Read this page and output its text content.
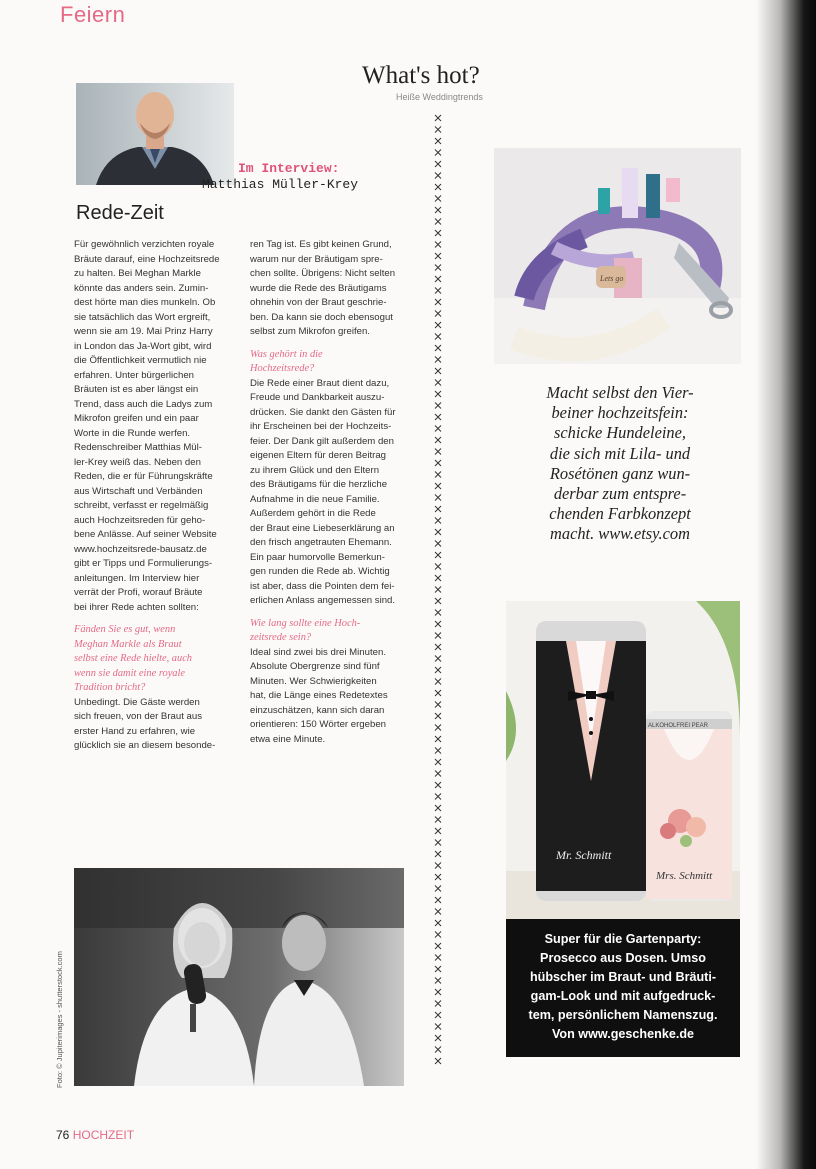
Feiern
What's hot?
Heiße Weddingtrends
Im Interview:
Matthias Müller-Krey
Rede-Zeit

Für gewöhnlich verzichten royale

Bräute darauf, eine Hochzeitsrede

zu halten. Bei Meghan Markle

könnte das anders sein. Zumin-

dest hörte man dies munkeln. Ob

sie tatsächlich das Wort ergreift,

wenn sie am 19. Mai Prinz Harry

in London das Ja-Wort gibt, wird

die Öffentlichkeit vermutlich nie

erfahren. Unter bürgerlichen

Bräuten ist es aber längst ein

Trend, dass auch die Ladys zum

Mikrofon greifen und ein paar

Worte in die Runde werfen.

Redenschreiber Matthias Mül-

ler-Krey weiß das. Neben den

Reden, die er für Führungskräfte

aus Wirtschaft und Verbänden

schreibt, verfasst er regelmäßig

auch Hochzeitsreden für geho-

bene Anlässe. Auf seiner Website

www.hochzeitsrede-bausatz.de

gibt er Tipps und Formulierungs-

anleitungen. Im Interview hier

verrät der Profi, worauf Bräute

bei ihrer Rede achten sollten:

Fänden Sie es gut, wenn
Meghan Markle als Braut
selbst eine Rede hielte, auch
wenn sie damit eine royale
Tradition bricht?

Unbedingt. Die Gäste werden

sich freuen, von der Braut aus

erster Hand zu erfahren, wie

glücklich sie an diesem besonde-

ren Tag ist. Es gibt keinen Grund,

warum nur der Bräutigam spre-

chen sollte. Übrigens: Nicht selten

wurde die Rede des Bräutigams

ohnehin von der Braut geschrie-

ben. Da kann sie doch ebensogut

selbst zum Mikrofon greifen.

Was gehört in die
Hochzeitsrede?

Die Rede einer Braut dient dazu,

Freude und Dankbarkeit auszu-

drücken. Sie dankt den Gästen für

ihr Erscheinen bei der Hochzeits-

feier. Der Dank gilt außerdem den

eigenen Eltern für deren Beitrag

zu ihrem Glück und den Eltern

des Bräutigams für die herzliche

Aufnahme in die neue Familie.

Außerdem gehört in die Rede

der Braut eine Liebeserklärung an

den frisch angetrauten Ehemann.

Ein paar humorvolle Bemerkun-

gen runden die Rede ab. Wichtig

ist aber, dass die Pointen dem fei-

erlichen Anlass angemessen sind.

Wie lang sollte eine Hoch-
zeitsrede sein?

Ideal sind zwei bis drei Minuten.

Absolute Obergrenze sind fünf

Minuten. Wer Schwierigkeiten

hat, die Länge eines Redetextes

einzuschätzen, kann sich daran

orientieren: 150 Wörter ergeben

etwa eine Minute.

Lets go
Macht selbst den Vier-
beiner hochzeitsfein:
schicke Hundeleine,
die sich mit Lila- und
Rosétönen ganz wun-
derbar zum entspre-
chenden Farbkonzept
macht. www.etsy.com
Mr. Schmitt
ALKOHOLFREI PEAR
Mrs. Schmitt
Super für die Gartenparty:
Prosecco aus Dosen. Umso
hübscher im Braut- und Bräuti-
gam-Look und mit aufgedruck-
tem, persönlichem Namenszug.
Von www.geschenke.de
Foto: © Jupiterimages - shutterstock.com
76 HOCHZEIT
